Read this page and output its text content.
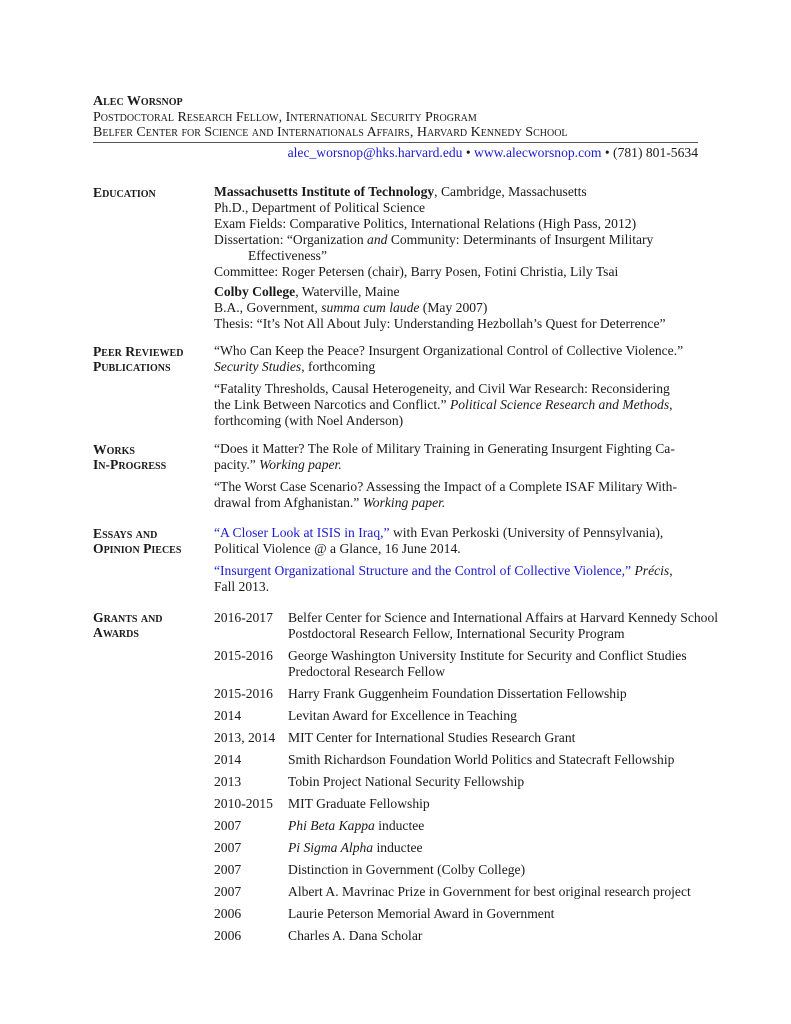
Alec Worsnop
Postdoctoral Research Fellow, International Security Program
Belfer Center for Science and Internationals Affairs, Harvard Kennedy School
alec_worsnop@hks.harvard.edu • www.alecworsnop.com • (781) 801-5634
Education	Massachusetts Institute of Technology, Cambridge, Massachusetts
Ph.D., Department of Political Science
Exam Fields: Comparative Politics, International Relations (High Pass, 2012)
Dissertation: “Organization and Community: Determinants of Insurgent Military
Effectiveness”
Committee: Roger Petersen (chair), Barry Posen, Fotini Christia, Lily Tsai
Colby College, Waterville, Maine
B.A., Government, summa cum laude (May 2007)
Thesis: “It’s Not All About July: Understanding Hezbollah’s Quest for Deterrence”
Peer Reviewed
Publications
“Who Can Keep the Peace? Insurgent Organizational Control of Collective Violence.”
Security Studies, forthcoming
“Fatality Thresholds, Causal Heterogeneity, and Civil War Research: Reconsidering
the Link Between Narcotics and Conflict.” Political Science Research and Methods,
forthcoming (with Noel Anderson)
Works
In-Progress
“Does it Matter? The Role of Military Training in Generating Insurgent Fighting Ca-
pacity.” Working paper.
“The Worst Case Scenario? Assessing the Impact of a Complete ISAF Military With-
drawal from Afghanistan.” Working paper.
Essays and
Opinion Pieces
“A Closer Look at ISIS in Iraq,” with Evan Perkoski (University of Pennsylvania),
Political Violence @ a Glance, 16 June 2014.
“Insurgent Organizational Structure and the Control of Collective Violence,” Précis,
Fall 2013.
Grants and
Awards
2016-2017	Belfer Center for Science and International Affairs at Harvard Kennedy School
Postdoctoral Research Fellow, International Security Program
2015-2016	George Washington University Institute for Security and Conflict Studies
Predoctoral Research Fellow
2015-2016	Harry Frank Guggenheim Foundation Dissertation Fellowship
2014	Levitan Award for Excellence in Teaching
2013, 2014 MIT Center for International Studies Research Grant
2014	Smith Richardson Foundation World Politics and Statecraft Fellowship
2013	Tobin Project National Security Fellowship
2010-2015	MIT Graduate Fellowship
2007	Phi Beta Kappa inductee
2007	Pi Sigma Alpha inductee
2007	Distinction in Government (Colby College)
2007	Albert A. Mavrinac Prize in Government for best original research project
2006	Laurie Peterson Memorial Award in Government
2006	Charles A. Dana Scholar
